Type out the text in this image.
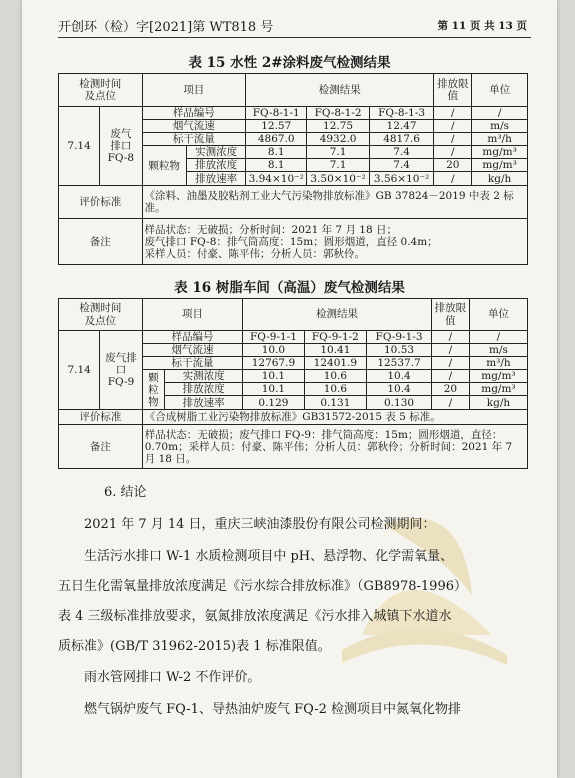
开创环（检）字[2021]第 WT818 号	第 11 页 共 13 页
表 15 水性 2#涂料废气检测结果
检测时间
及点位		项目		检测结果			排放限值	单位
7.14	废气
排口
FQ-8	样品编号		FQ-8-1-1	FQ-8-1-2	FQ-8-1-3	/	/
		烟气流速		12.57	12.75	12.47	/	m/s
		标干流量		4867.0	4932.0	4817.6	/	m³/h
		颗粒物	实测浓度	8.1	7.1	7.4	/	mg/m³
			排放浓度	8.1	7.1	7.4	20	mg/m³
			排放速率	3.94×10⁻²	3.50×10⁻²	3.56×10⁻²	/	kg/h
评价标准		《涂料、油墨及胶粘剂工业大气污染物排放标准》GB 37824－2019 中表 2 标准。						
备注		样品状态：无破损；分析时间：2021 年 7 月 18 日；
废气排口 FQ-8：排气筒高度：15m；圆形烟道，直径 0.4m；
采样人员：付豪、陈平伟；分析人员：郭秋伶。						
表 16 树脂车间（高温）废气检测结果
检测时间
及点位		项目		检测结果			排放限值	单位
7.14	废气排
口
FQ-9	样品编号		FQ-9-1-1	FQ-9-1-2	FQ-9-1-3	/	/
		烟气流速		10.0	10.41	10.53	/	m/s
		标干流量		12767.9	12401.9	12537.7	/	m³/h
		颗
粒
物	实测浓度	10.1	10.6	10.4	/	mg/m³
			排放浓度	10.1	10.6	10.4	20	mg/m³
			排放速率	0.129	0.131	0.130	/	kg/h
评价标准		《合成树脂工业污染物排放标准》GB31572-2015 表 5 标准。						
备注		样品状态：无破损；废气排口 FQ-9：排气筒高度：15m；圆形烟道，直径：0.70m；采样人员：付豪、陈平伟；分析人员：郭秋伶；分析时间：2021 年 7 月 18 日。						
6. 结论
2021 年 7 月 14 日，重庆三峡油漆股份有限公司检测期间：
生活污水排口 W-1 水质检测项目中 pH、悬浮物、化学需氧量、
五日生化需氧量排放浓度满足《污水综合排放标准》（GB8978-1996）
表 4 三级标准排放要求，氨氮排放浓度满足《污水排入城镇下水道水
质标准》(GB/T 31962-2015)表 1 标准限值。
雨水管网排口 W-2 不作评价。
燃气锅炉废气 FQ-1、导热油炉废气 FQ-2 检测项目中氮氧化物排
